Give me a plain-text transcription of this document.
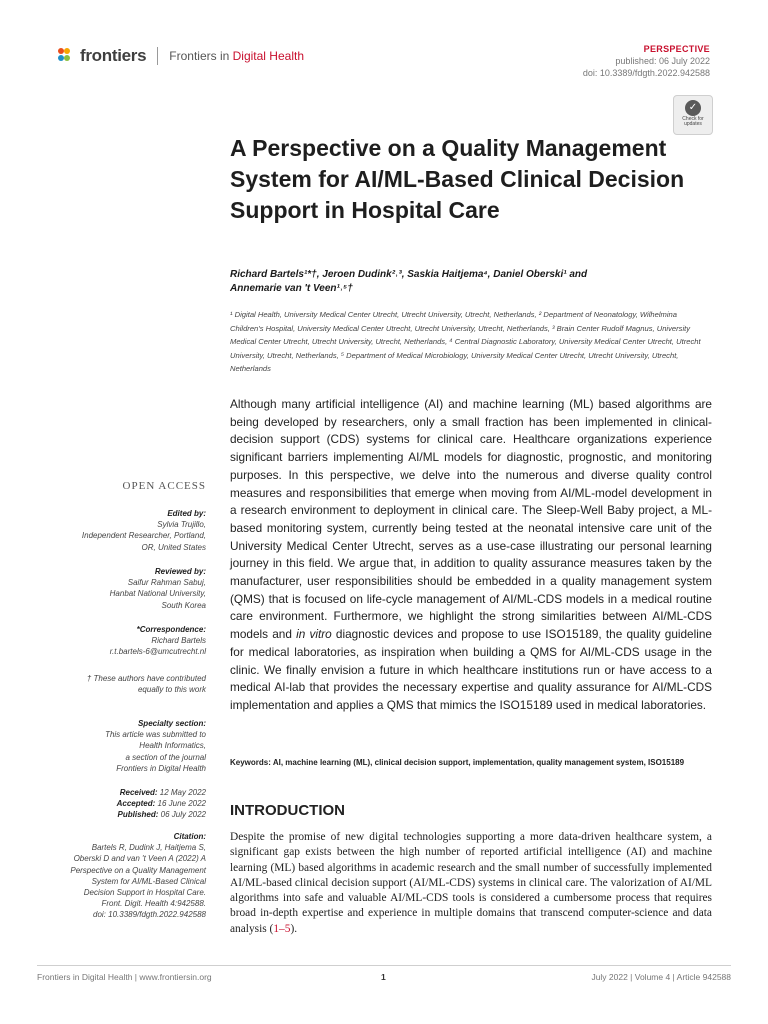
frontiers Frontiers in Digital Health	PERSPECTIVE
published: 06 July 2022
doi: 10.3389/fdgth.2022.942588
✓
Check for
updates
A Perspective on a Quality Management System for AI/ML-Based Clinical Decision Support in Hospital Care
Richard Bartels¹*†, Jeroen Dudink²˒³, Saskia Haitjema⁴, Daniel Oberski¹ and
Annemarie van 't Veen¹˒⁵†
¹ Digital Health, University Medical Center Utrecht, Utrecht University, Utrecht, Netherlands, ² Department of Neonatology, Wilhelmina Children's Hospital, University Medical Center Utrecht, Utrecht University, Utrecht, Netherlands, ³ Brain Center Rudolf Magnus, University Medical Center Utrecht, Utrecht University, Utrecht, Netherlands, ⁴ Central Diagnostic Laboratory, University Medical Center Utrecht, Utrecht University, Utrecht, Netherlands, ⁵ Department of Medical Microbiology, University Medical Center Utrecht, Utrecht University, Utrecht, Netherlands
Although many artificial intelligence (AI) and machine learning (ML) based algorithms are being developed by researchers, only a small fraction has been implemented in clinical-decision support (CDS) systems for clinical care. Healthcare organizations experience significant barriers implementing AI/ML models for diagnostic, prognostic, and monitoring purposes. In this perspective, we delve into the numerous and diverse quality control measures and responsibilities that emerge when moving from AI/ML-model development in a research environment to deployment in clinical care. The Sleep-Well Baby project, a ML-based monitoring system, currently being tested at the neonatal intensive care unit of the University Medical Center Utrecht, serves as a use-case illustrating our personal learning journey in this field. We argue that, in addition to quality assurance measures taken by the manufacturer, user responsibilities should be embedded in a quality management system (QMS) that is focused on life-cycle management of AI/ML-CDS models in a medical routine care environment. Furthermore, we highlight the strong similarities between AI/ML-CDS models and in vitro diagnostic devices and propose to use ISO15189, the quality guideline for medical laboratories, as inspiration when building a QMS for AI/ML-CDS usage in the clinic. We finally envision a future in which healthcare institutions run or have access to a medical AI-lab that provides the necessary expertise and quality assurance for AI/ML-CDS implementation and applies a QMS that mimics the ISO15189 used in medical laboratories.
Keywords: AI, machine learning (ML), clinical decision support, implementation, quality management system, ISO15189
INTRODUCTION
Despite the promise of new digital technologies supporting a more data-driven healthcare system, a significant gap exists between the high number of reported artificial intelligence (AI) and machine learning (ML) based algorithms in academic research and the small number of successfully implemented AI/ML-based clinical decision support (AI/ML-CDS) systems in clinical care. The valorization of AI/ML algorithms into safe and valuable AI/ML-CDS tools is considered a cumbersome process that requires broad in-depth expertise and experience in multiple domains that transcend computer-science and data analysis (1–5).
OPEN ACCESS
Edited by:
Sylvia Trujillo,
Independent Researcher, Portland,
OR, United States
Reviewed by:
Saifur Rahman Sabuj,
Hanbat National University,
South Korea
*Correspondence:
Richard Bartels
r.t.bartels-6@umcutrecht.nl
† These authors have contributed
equally to this work
Specialty section:
This article was submitted to
Health Informatics,
a section of the journal
Frontiers in Digital Health
Received: 12 May 2022
Accepted: 16 June 2022
Published: 06 July 2022
Citation:
Bartels R, Dudink J, Haitjema S,
Oberski D and van 't Veen A (2022) A
Perspective on a Quality Management
System for AI/ML-Based Clinical
Decision Support in Hospital Care.
Front. Digit. Health 4:942588.
doi: 10.3389/fdgth.2022.942588
Frontiers in Digital Health | www.frontiersin.org	1	July 2022 | Volume 4 | Article 942588
